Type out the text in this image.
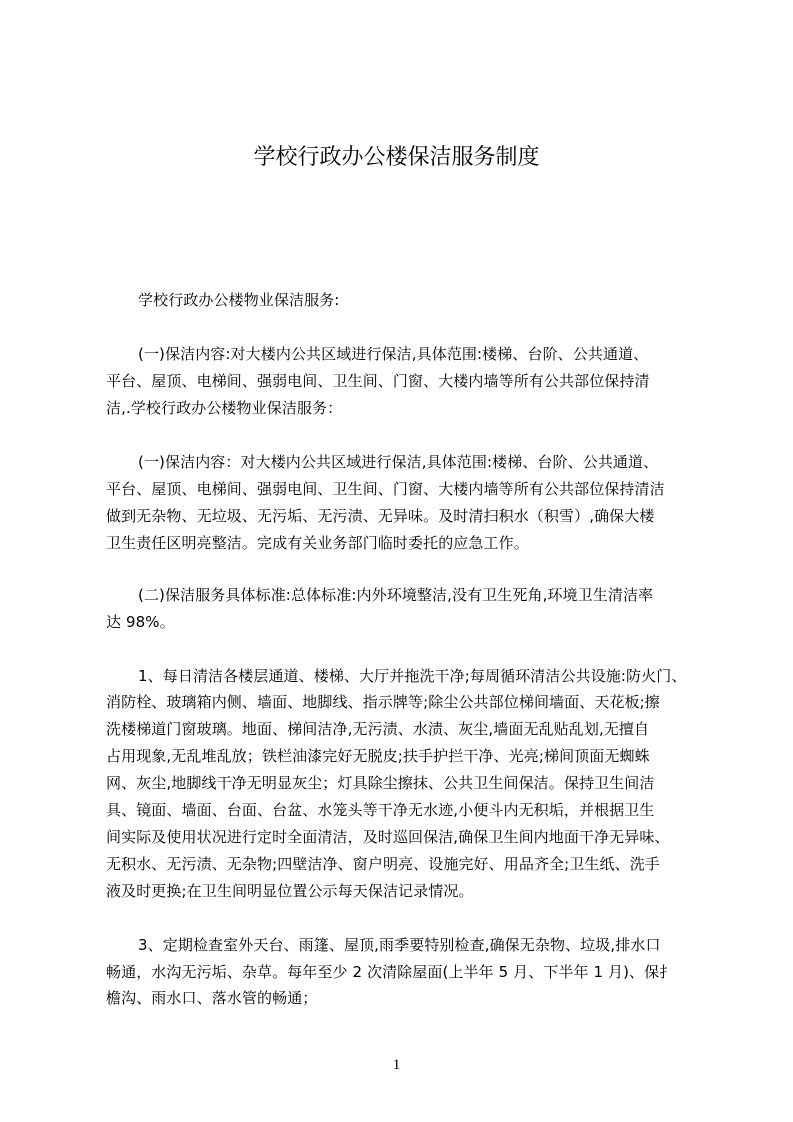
学校行政办公楼保洁服务制度
学校行政办公楼物业保洁服务:
(一)保洁内容:对大楼内公共区域进行保洁,具体范围:楼梯、台阶、公共通道、
平台、屋顶、电梯间、强弱电间、卫生间、门窗、大楼内墙等所有公共部位保持清
洁,.学校行政办公楼物业保洁服务：
(一)保洁内容：对大楼内公共区域进行保洁,具体范围:楼梯、台阶、公共通道、
平台、屋顶、电梯间、强弱电间、卫生间、门窗、大楼内墙等所有公共部位保持清洁
做到无杂物、无垃圾、无污垢、无污渍、无异味。及时清扫积水（积雪）,确保大楼
卫生责任区明亮整洁。完成有关业务部门临时委托的应急工作。
(二)保洁服务具体标准:总体标准:内外环境整洁,没有卫生死角,环境卫生清洁率
达 98%。
1、每日清洁各楼层通道、楼梯、大厅并拖洗干净;每周循环清洁公共设施:防火门、
消防栓、玻璃箱内侧、墙面、地脚线、指示牌等;除尘公共部位梯间墙面、天花板;擦
洗楼梯道门窗玻璃。地面、梯间洁净,无污渍、水渍、灰尘,墙面无乱贴乱划,无擅自
占用现象,无乱堆乱放；铁栏油漆完好无脱皮;扶手护拦干净、光亮;梯间顶面无蜘蛛
网、灰尘,地脚线干净无明显灰尘；灯具除尘擦抹、公共卫生间保洁。保持卫生间洁
具、镜面、墙面、台面、台盆、水笼头等干净无水迹,小便斗内无积垢，并根据卫生
间实际及使用状况进行定时全面清洁，及时巡回保洁,确保卫生间内地面干净无异味、
无积水、无污渍、无杂物;四壁洁净、窗户明亮、设施完好、用品齐全;卫生纸、洗手
液及时更换;在卫生间明显位置公示每天保洁记录情况。
3、定期检查室外天台、雨篷、屋顶,雨季要特别检查,确保无杂物、垃圾,排水口
畅通，水沟无污垢、杂草。每年至少 2 次清除屋面(上半年 5 月、下半年 1 月)、保扌
檐沟、雨水口、落水管的畅通；
1
